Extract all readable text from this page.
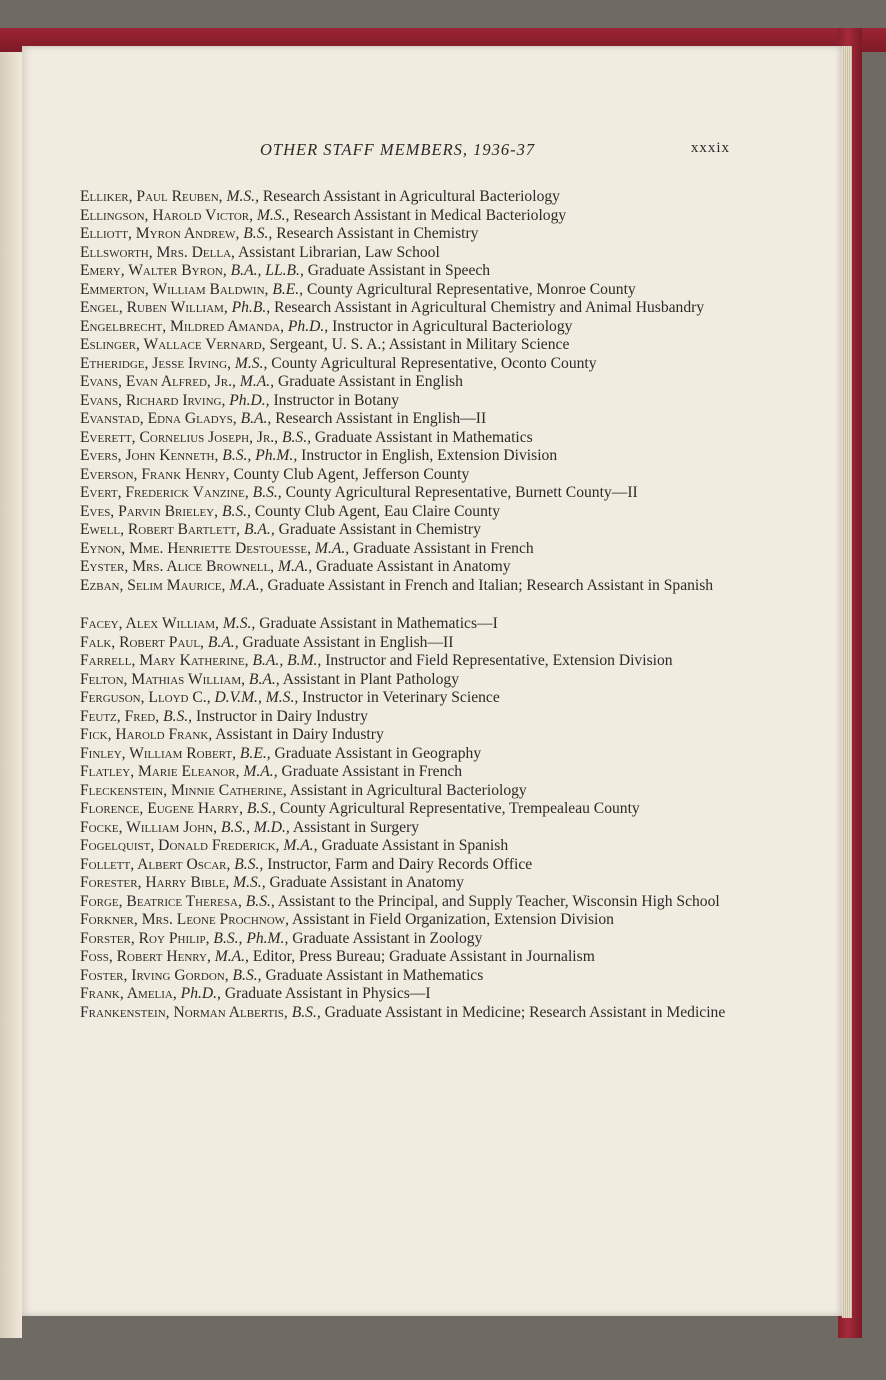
OTHER STAFF MEMBERS, 1936-37	xxxix
Elliker, Paul Reuben, M.S., Research Assistant in Agricultural Bacteriology
Ellingson, Harold Victor, M.S., Research Assistant in Medical Bacteriology
Elliott, Myron Andrew, B.S., Research Assistant in Chemistry
Ellsworth, Mrs. Della, Assistant Librarian, Law School
Emery, Walter Byron, B.A., LL.B., Graduate Assistant in Speech
Emmerton, William Baldwin, B.E., County Agricultural Representative, Monroe County
Engel, Ruben William, Ph.B., Research Assistant in Agricultural Chemistry and Animal Husbandry
Engelbrecht, Mildred Amanda, Ph.D., Instructor in Agricultural Bacteriology
Eslinger, Wallace Vernard, Sergeant, U. S. A.; Assistant in Military Science
Etheridge, Jesse Irving, M.S., County Agricultural Representative, Oconto County
Evans, Evan Alfred, Jr., M.A., Graduate Assistant in English
Evans, Richard Irving, Ph.D., Instructor in Botany
Evanstad, Edna Gladys, B.A., Research Assistant in English—II
Everett, Cornelius Joseph, Jr., B.S., Graduate Assistant in Mathematics
Evers, John Kenneth, B.S., Ph.M., Instructor in English, Extension Division
Everson, Frank Henry, County Club Agent, Jefferson County
Evert, Frederick Vanzine, B.S., County Agricultural Representative, Burnett County—II
Eves, Parvin Brieley, B.S., County Club Agent, Eau Claire County
Ewell, Robert Bartlett, B.A., Graduate Assistant in Chemistry
Eynon, Mme. Henriette Destouesse, M.A., Graduate Assistant in French
Eyster, Mrs. Alice Brownell, M.A., Graduate Assistant in Anatomy
Ezban, Selim Maurice, M.A., Graduate Assistant in French and Italian; Research Assistant in Spanish
Facey, Alex William, M.S., Graduate Assistant in Mathematics—I
Falk, Robert Paul, B.A., Graduate Assistant in English—II
Farrell, Mary Katherine, B.A., B.M., Instructor and Field Representative, Extension Division
Felton, Mathias William, B.A., Assistant in Plant Pathology
Ferguson, Lloyd C., D.V.M., M.S., Instructor in Veterinary Science
Feutz, Fred, B.S., Instructor in Dairy Industry
Fick, Harold Frank, Assistant in Dairy Industry
Finley, William Robert, B.E., Graduate Assistant in Geography
Flatley, Marie Eleanor, M.A., Graduate Assistant in French
Fleckenstein, Minnie Catherine, Assistant in Agricultural Bacteriology
Florence, Eugene Harry, B.S., County Agricultural Representative, Trempealeau County
Focke, William John, B.S., M.D., Assistant in Surgery
Fogelquist, Donald Frederick, M.A., Graduate Assistant in Spanish
Follett, Albert Oscar, B.S., Instructor, Farm and Dairy Records Office
Forester, Harry Bible, M.S., Graduate Assistant in Anatomy
Forge, Beatrice Theresa, B.S., Assistant to the Principal, and Supply Teacher, Wisconsin High School
Forkner, Mrs. Leone Prochnow, Assistant in Field Organization, Extension Division
Forster, Roy Philip, B.S., Ph.M., Graduate Assistant in Zoology
Foss, Robert Henry, M.A., Editor, Press Bureau; Graduate Assistant in Journalism
Foster, Irving Gordon, B.S., Graduate Assistant in Mathematics
Frank, Amelia, Ph.D., Graduate Assistant in Physics—I
Frankenstein, Norman Albertis, B.S., Graduate Assistant in Medicine; Research Assistant in Medicine
